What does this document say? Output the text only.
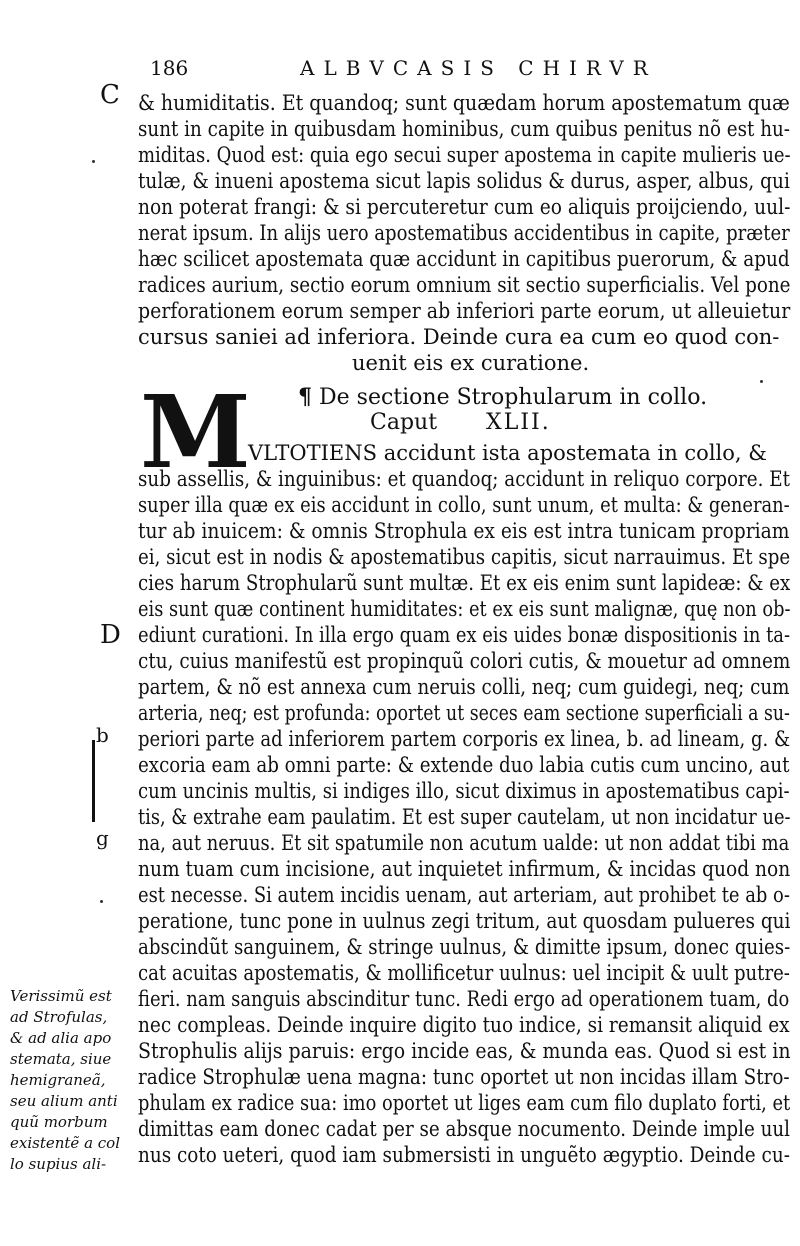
186	ALBVCASIS CHIRVR
C
D
b
g
& humiditatis. Et quandoq; sunt quædam horum apostematum quæ
sunt in capite in quibusdam hominibus, cum quibus penitus nõ est hu-
miditas. Quod est: quia ego secui super apostema in capite mulieris ue-
tulæ, & inueni apostema sicut lapis solidus & durus, asper, albus, qui
non poterat frangi: & si percuteretur cum eo aliquis proijciendo, uul-
nerat ipsum. In alijs uero apostematibus accidentibus in capite, præter
hæc scilicet apostemata quæ accidunt in capitibus puerorum, & apud
radices aurium, sectio eorum omnium sit sectio superficialis. Vel pone
perforationem eorum semper ab inferiori parte eorum, ut alleuietur
cursus saniei ad inferiora. Deinde cura ea cum eo quod con-
uenit eis ex curatione.
¶ De sectione Strophularum in collo.
Caput XLII.
M
VLTOTIENS accidunt ista apostemata in collo, &
sub assellis, & inguinibus: et quandoq; accidunt in reliquo corpore. Et
super illa quæ ex eis accidunt in collo, sunt unum, et multa: & generan-
tur ab inuicem: & omnis Strophula ex eis est intra tunicam propriam
ei, sicut est in nodis & apostematibus capitis, sicut narrauimus. Et spe
cies harum Strophularũ sunt multæ. Et ex eis enim sunt lapideæ: & ex
eis sunt quæ continent humiditates: et ex eis sunt malignæ, quę non ob-
ediunt curationi. In illa ergo quam ex eis uides bonæ dispositionis in ta-
ctu, cuius manifestũ est propinquũ colori cutis, & mouetur ad omnem
partem, & nõ est annexa cum neruis colli, neq; cum guidegi, neq; cum
arteria, neq; est profunda: oportet ut seces eam sectione superficiali a su-
periori parte ad inferiorem partem corporis ex linea, b. ad lineam, g. &
excoria eam ab omni parte: & extende duo labia cutis cum uncino, aut
cum uncinis multis, si indiges illo, sicut diximus in apostematibus capi-
tis, & extrahe eam paulatim. Et est super cautelam, ut non incidatur ue-
na, aut neruus. Et sit spatumile non acutum ualde: ut non addat tibi ma
num tuam cum incisione, aut inquietet infirmum, & incidas quod non
est necesse. Si autem incidis uenam, aut arteriam, aut prohibet te ab o-
peratione, tunc pone in uulnus zegi tritum, aut quosdam pulueres qui
abscindũt sanguinem, & stringe uulnus, & dimitte ipsum, donec quies-
cat acuitas apostematis, & mollificetur uulnus: uel incipit & uult putre-
fieri. nam sanguis abscinditur tunc. Redi ergo ad operationem tuam, do
nec compleas. Deinde inquire digito tuo indice, si remansit aliquid ex
Strophulis alijs paruis: ergo incide eas, & munda eas. Quod si est in
radice Strophulæ uena magna: tunc oportet ut non incidas illam Stro-
phulam ex radice sua: imo oportet ut liges eam cum filo duplato forti, et
dimittas eam donec cadat per se absque nocumento. Deinde imple uul
nus coto ueteri, quod iam submersisti in unguẽto ægyptio. Deinde cu-
Verissimũ est
ad Strofulas,
& ad alia apo
stemata, siue
hemigraneã,
seu alium anti
quũ morbum
existentẽ a col
lo supius ali-
